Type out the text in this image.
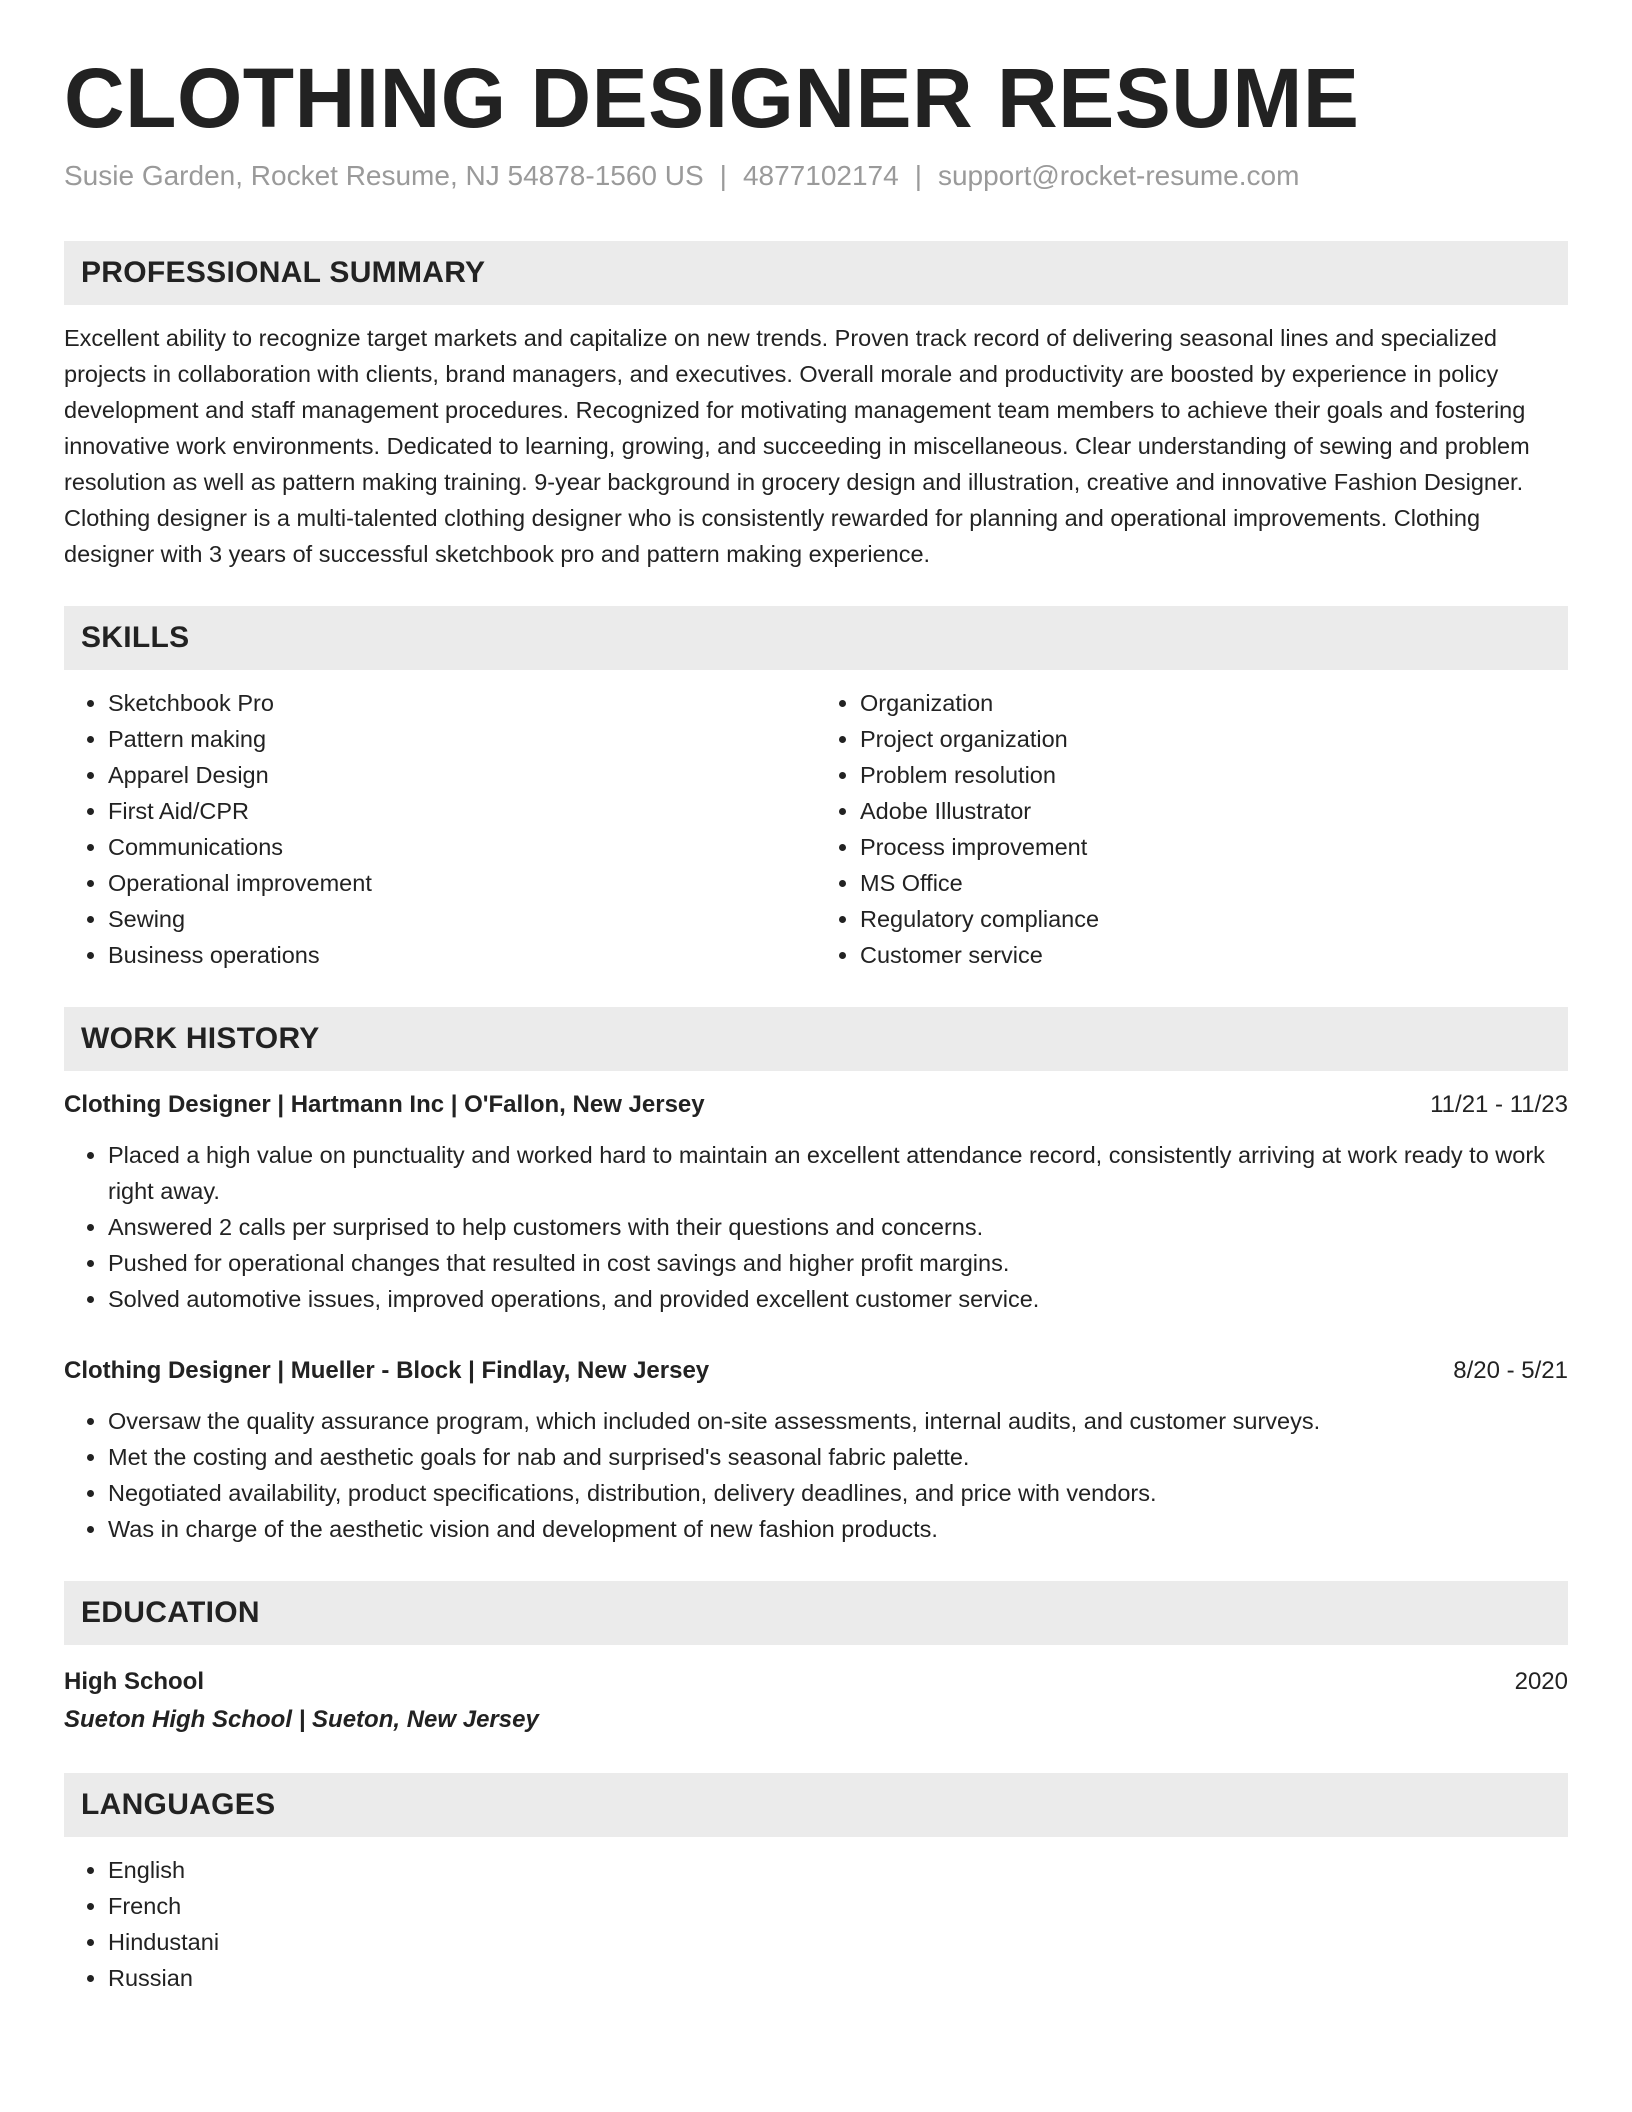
CLOTHING DESIGNER RESUME
Susie Garden, Rocket Resume, NJ 54878-1560 US | 4877102174 | support@rocket-resume.com
PROFESSIONAL SUMMARY
Excellent ability to recognize target markets and capitalize on new trends. Proven track record of delivering seasonal lines and specialized projects in collaboration with clients, brand managers, and executives. Overall morale and productivity are boosted by experience in policy development and staff management procedures. Recognized for motivating management team members to achieve their goals and fostering innovative work environments. Dedicated to learning, growing, and succeeding in miscellaneous. Clear understanding of sewing and problem resolution as well as pattern making training. 9-year background in grocery design and illustration, creative and innovative Fashion Designer. Clothing designer is a multi-talented clothing designer who is consistently rewarded for planning and operational improvements. Clothing designer with 3 years of successful sketchbook pro and pattern making experience.
SKILLS
• Sketchbook Pro
• Pattern making
• Apparel Design
• First Aid/CPR
• Communications
• Operational improvement
• Sewing
• Business operations
• Organization
• Project organization
• Problem resolution
• Adobe Illustrator
• Process improvement
• MS Office
• Regulatory compliance
• Customer service
WORK HISTORY
Clothing Designer | Hartmann Inc | O'Fallon, New Jersey	11/21 - 11/23
• Placed a high value on punctuality and worked hard to maintain an excellent attendance record, consistently arriving at work ready to work right away.
• Answered 2 calls per surprised to help customers with their questions and concerns.
• Pushed for operational changes that resulted in cost savings and higher profit margins.
• Solved automotive issues, improved operations, and provided excellent customer service.
Clothing Designer | Mueller - Block | Findlay, New Jersey	8/20 - 5/21
• Oversaw the quality assurance program, which included on-site assessments, internal audits, and customer surveys.
• Met the costing and aesthetic goals for nab and surprised's seasonal fabric palette.
• Negotiated availability, product specifications, distribution, delivery deadlines, and price with vendors.
• Was in charge of the aesthetic vision and development of new fashion products.
EDUCATION
High School	2020
Sueton High School | Sueton, New Jersey
LANGUAGES
• English
• French
• Hindustani
• Russian
